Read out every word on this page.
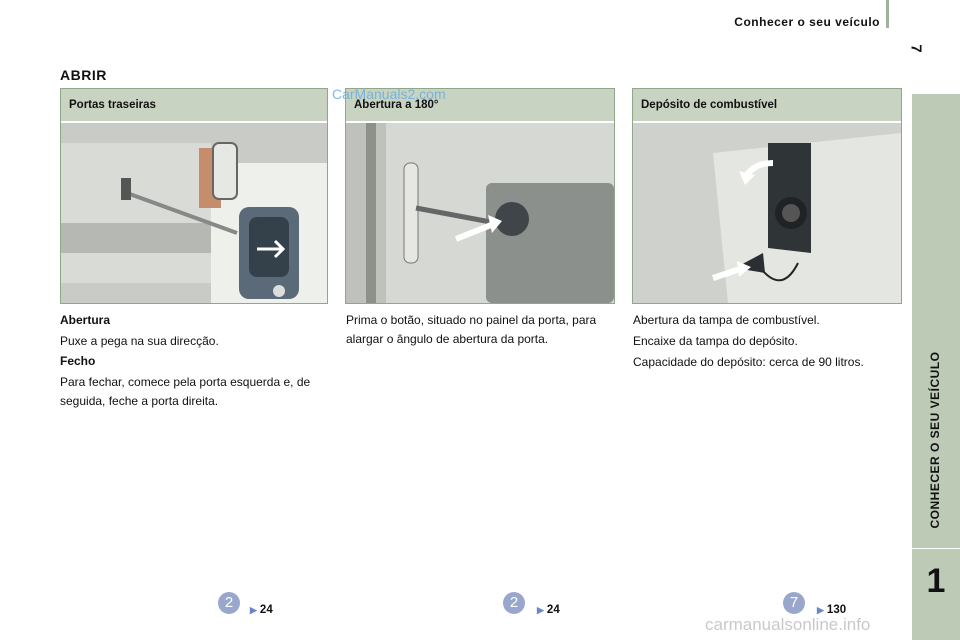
Conhecer o seu veículo
7
CONHECER O SEU VEÍCULO
1
ABRIR
Portas traseiras	Abertura a 180°	Depósito de combustível
CarManuals2.com
Abertura
Puxe a pega na sua direcção.
Fecho
Para fechar, comece pela porta esquerda e, de seguida, feche a porta direita.
Prima o botão, situado no painel da porta, para alargar o ângulo de abertura da porta.
Abertura da tampa de combustível.
Encaixe da tampa do depósito.
Capacidade do depósito: cerca de 90 litros.
2	▶ 24	2	▶ 24	7	▶ 130
carmanualsonline.info
